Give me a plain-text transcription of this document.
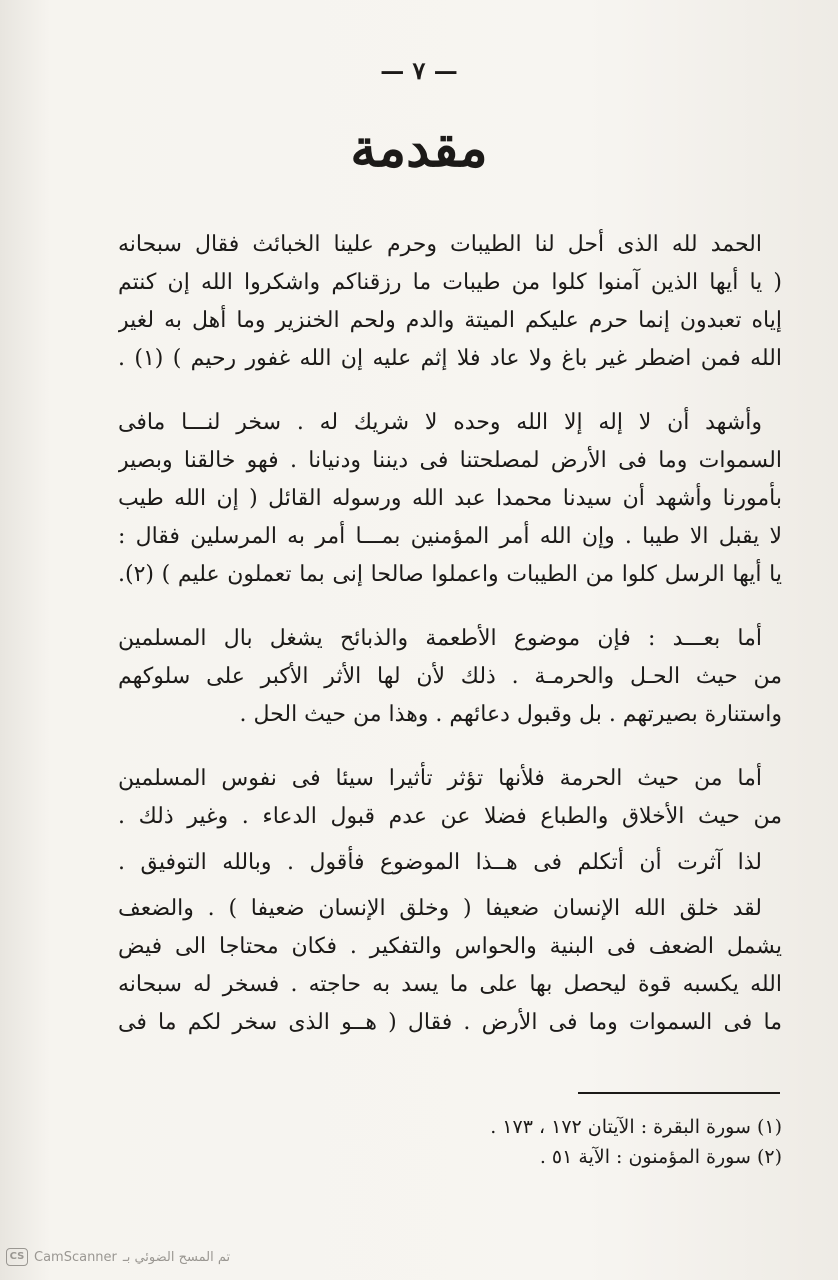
— ٧ —
مقدمة

الحمد لله الذى أحل لنا الطيبات وحرم علينا الخبائث فقال سبحانه
( يا أيها الذين آمنوا كلوا من طيبات ما رزقناكم واشكروا الله إن كنتم
إياه تعبدون إنما حرم عليكم الميتة والدم ولحم الخنزير وما أهل به لغير
الله فمن اضطر غير باغ ولا عاد فلا إثم عليه إن الله غفور رحيم ) (١) .

وأشهد أن لا إله إلا الله وحده لا شريك له . سخر لنـــا مافى
السموات وما فى الأرض لمصلحتنا فى ديننا ودنيانا . فهو خالقنا وبصير
بأمورنا وأشهد أن سيدنا محمدا عبد الله ورسوله القائل ( إن الله طيب
لا يقبل الا طيبا . وإن الله أمر المؤمنين بمـــا أمر به المرسلين فقال :
يا أيها الرسل كلوا من الطيبات واعملوا صالحا إنى بما تعملون عليم ) (٢).

أما بعـــد : فإن موضوع الأطعمة والذبائح يشغل بال المسلمين
من حيث الحـل والحرمـة . ذلك لأن لها الأثر الأكبر على سلوكهم
واستنارة بصيرتهم . بل وقبول دعائهم . وهذا من حيث الحل .

أما من حيث الحرمة فلأنها تؤثر تأثيرا سيئا فى نفوس المسلمين
من حيث الأخلاق والطباع فضلا عن عدم قبول الدعاء . وغير ذلك .

لذا آثرت أن أتكلم فى هــذا الموضوع فأقول . وبالله التوفيق .

لقد خلق الله الإنسان ضعيفا ( وخلق الإنسان ضعيفا ) . والضعف
يشمل الضعف فى البنية والحواس والتفكير . فكان محتاجا الى فيض
الله يكسبه قوة ليحصل بها على ما يسد به حاجته . فسخر له سبحانه
ما فى السموات وما فى الأرض . فقال ( هــو الذى سخر لكم ما فى

(١) سورة البقرة : الآيتان ١٧٢ ، ١٧٣ .
(٢) سورة المؤمنون : الآية ٥١ .
CS CamScanner تم المسح الضوئي بـ
